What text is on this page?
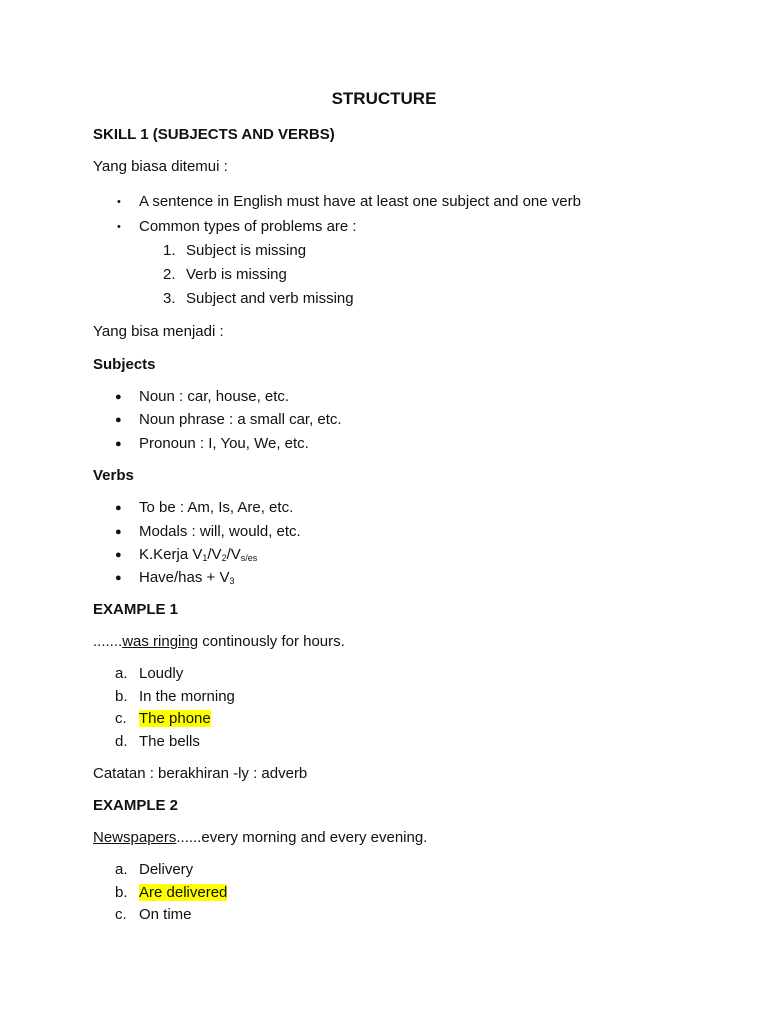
STRUCTURE
SKILL 1 (SUBJECTS AND VERBS)
Yang biasa ditemui :
• A sentence in English must have at least one subject and one verb
• Common types of problems are :
1. Subject is missing
2. Verb is missing
3. Subject and verb missing
Yang bisa menjadi :
Subjects
● Noun : car, house, etc.
● Noun phrase : a small car, etc.
● Pronoun : I, You, We, etc.
Verbs
● To be : Am, Is, Are, etc.
● Modals : will, would, etc.
● K.Kerja $V_1/V_2/V_{s/es}$
● Have/has + $V_3$
EXAMPLE 1
.......was ringing continously for hours.
a. Loudly
b. In the morning
c. The phone
d. The bells
Catatan : berakhiran -ly : adverb
EXAMPLE 2
Newspapers......every morning and every evening.
a. Delivery
b. Are delivered
c. On time
